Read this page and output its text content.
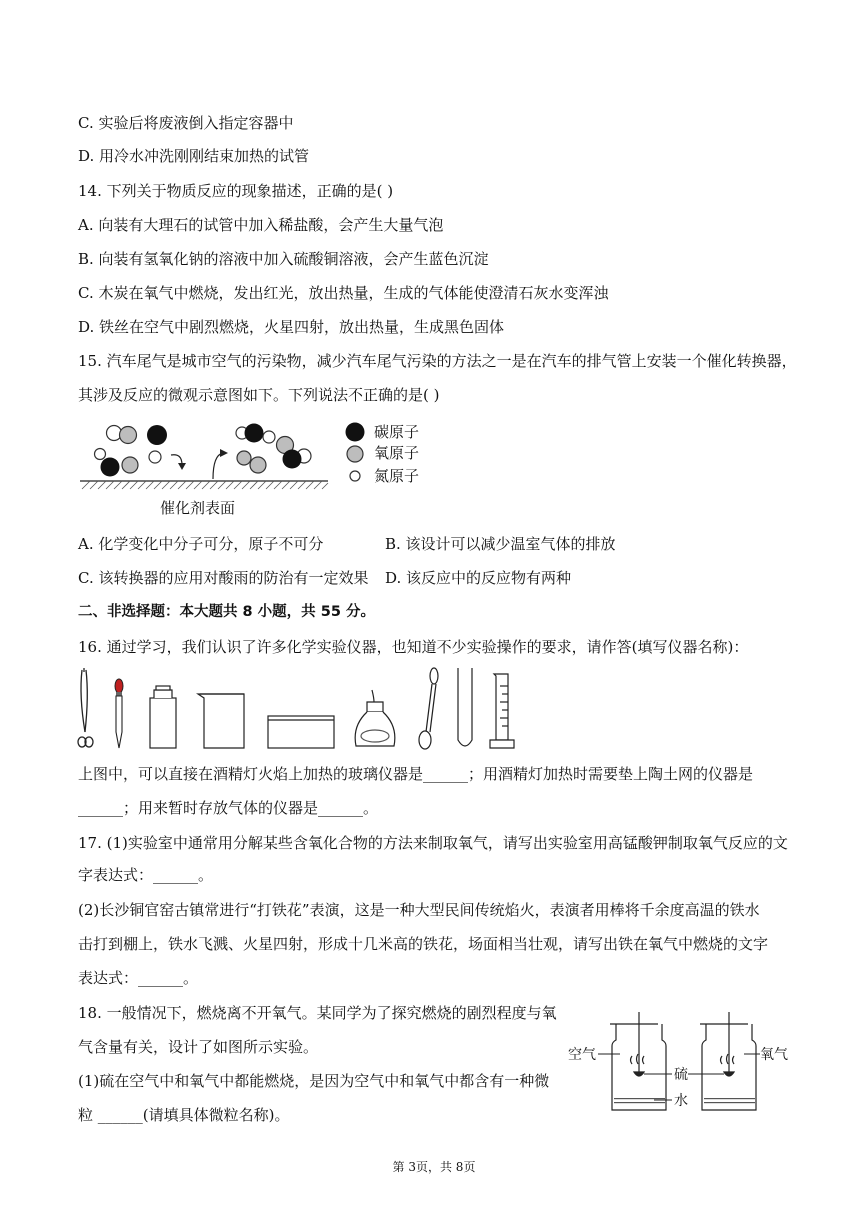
C. 实验后将废液倒入指定容器中
D. 用冷水冲洗刚刚结束加热的试管
14. 下列关于物质反应的现象描述，正确的是( )
A. 向装有大理石的试管中加入稀盐酸，会产生大量气泡
B. 向装有氢氧化钠的溶液中加入硫酸铜溶液，会产生蓝色沉淀
C. 木炭在氧气中燃烧，发出红光，放出热量，生成的气体能使澄清石灰水变浑浊
D. 铁丝在空气中剧烈燃烧，火星四射，放出热量，生成黑色固体
15. 汽车尾气是城市空气的污染物，减少汽车尾气污染的方法之一是在汽车的排气管上安装一个催化转换器，
其涉及反应的微观示意图如下。下列说法不正确的是( )
催化剂表面
碳原子
氧原子
氮原子
A. 化学变化中分子可分，原子不可分	B. 该设计可以减少温室气体的排放
C. 该转换器的应用对酸雨的防治有一定效果 D. 该反应中的反应物有两种
二、非选择题：本大题共 8 小题，共 55 分。
16. 通过学习，我们认识了许多化学实验仪器，也知道不少实验操作的要求，请作答(填写仪器名称)：
上图中，可以直接在酒精灯火焰上加热的玻璃仪器是______；用酒精灯加热时需要垫上陶土网的仪器是
______；用来暂时存放气体的仪器是______。
17. (1)实验室中通常用分解某些含氧化合物的方法来制取氧气，请写出实验室用高锰酸钾制取氧气反应的文
字表达式：______。
(2)长沙铜官窑古镇常进行“打铁花”表演，这是一种大型民间传统焰火，表演者用棒将千余度高温的铁水
击打到棚上，铁水飞溅、火星四射，形成十几米高的铁花，场面相当壮观，请写出铁在氧气中燃烧的文字
表达式：______。
18. 一般情况下，燃烧离不开氧气。某同学为了探究燃烧的剧烈程度与氧
气含量有关，设计了如图所示实验。
(1)硫在空气中和氧气中都能燃烧，是因为空气中和氧气中都含有一种微
粒 ______(请填具体微粒名称)。
空气
硫
水
氧气
第 3页，共 8页
